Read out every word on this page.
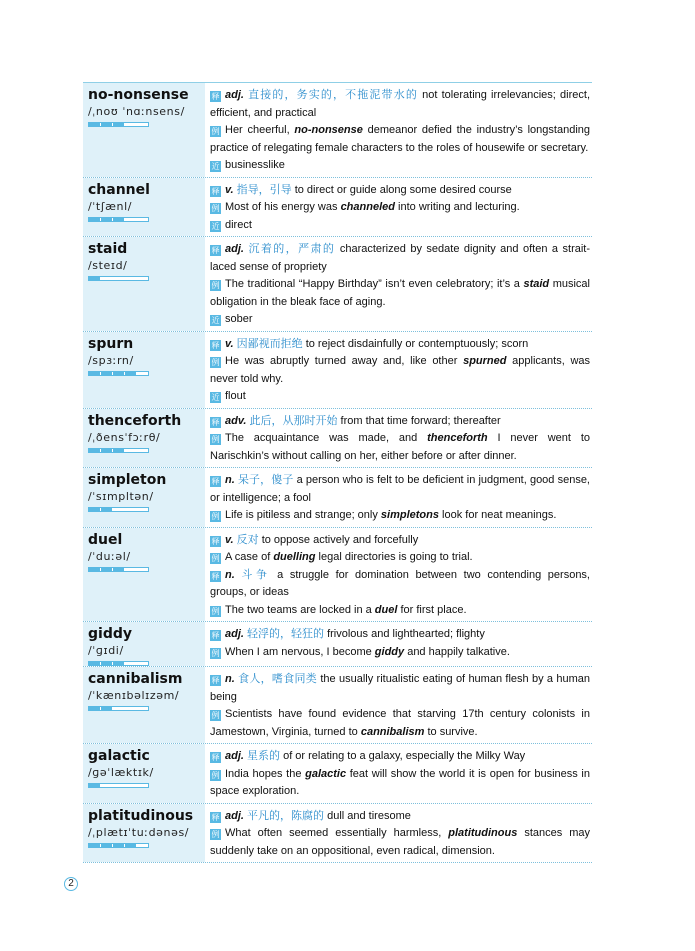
no-nonsense
/ˌnoʊ ˈnɑːnsens/

释 adj. 直接的，务实的，不拖泥带水的 not tolerating irrelevancies; direct, efficient, and practical

例 Her cheerful, no-nonsense demeanor defied the industry’s longstanding practice of relegating female characters to the roles of housewife or secretary.

近 businesslike

channel
/ˈtʃænl/

释 v. 指导，引导 to direct or guide along some desired course

例 Most of his energy was channeled into writing and lecturing.

近 direct

staid
/steɪd/

释 adj. 沉着的，严肃的 characterized by sedate dignity and often a strait-laced sense of propriety

例 The traditional “Happy Birthday” isn’t even celebratory; it’s a staid musical obligation in the bleak face of aging.

近 sober

spurn
/spɜːrn/

释 v. 因鄙视而拒绝 to reject disdainfully or contemptuously; scorn

例 He was abruptly turned away and, like other spurned applicants, was never told why.

近 flout

thenceforth
/ˌðensˈfɔːrθ/

释 adv. 此后，从那时开始 from that time forward; thereafter

例 The acquaintance was made, and thenceforth I never went to Narischkin’s without calling on her, either before or after dinner.

simpleton
/ˈsɪmpltən/

释 n. 呆子，傻子 a person who is felt to be deficient in judgment, good sense, or intelligence; a fool

例 Life is pitiless and strange; only simpletons look for neat meanings.

duel
/ˈduːəl/

释 v. 反对 to oppose actively and forcefully

例 A case of duelling legal directories is going to trial.

释 n. 斗争 a struggle for domination between two contending persons, groups, or ideas

例 The two teams are locked in a duel for first place.

giddy
/ˈɡɪdi/

释 adj. 轻浮的，轻狂的 frivolous and lighthearted; flighty

例 When I am nervous, I become giddy and happily talkative.

cannibalism
/ˈkænɪbəlɪzəm/

释 n. 食人，嗜食同类 the usually ritualistic eating of human flesh by a human being

例 Scientists have found evidence that starving 17th century colonists in Jamestown, Virginia, turned to cannibalism to survive.

galactic
/ɡəˈlæktɪk/

释 adj. 星系的 of or relating to a galaxy, especially the Milky Way

例 India hopes the galactic feat will show the world it is open for business in space exploration.

platitudinous
/ˌplætɪˈtuːdənəs/

释 adj. 平凡的，陈腐的 dull and tiresome

例 What often seemed essentially harmless, platitudinous stances may suddenly take on an oppositional, even radical, dimension.

2
